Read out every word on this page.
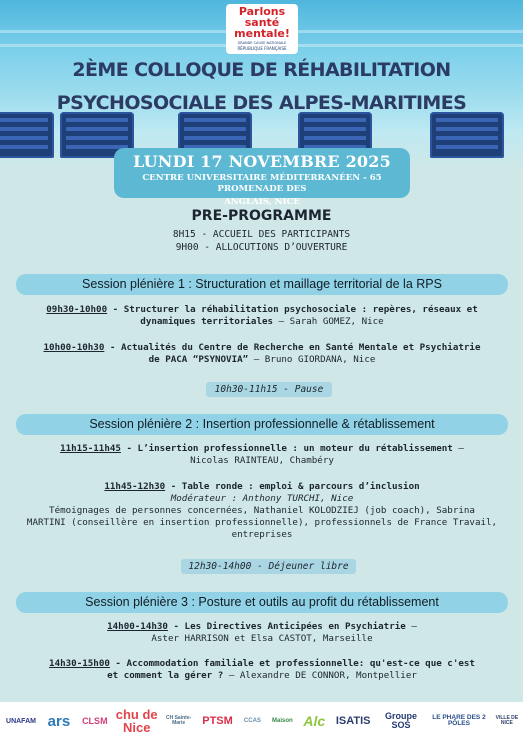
Parlons
santé
mentale!
GRANDE CAUSE NATIONALE
RÉPUBLIQUE FRANÇAISE
2ÈME COLLOQUE DE RÉHABILITATION
PSYCHOSOCIALE DES ALPES-MARITIMES
LUNDI 17 NOVEMBRE 2025
CENTRE UNIVERSITAIRE MÉDITERRANÉEN - 65 PROMENADE DES
ANGLAIS, NICE
PRE-PROGRAMME
8H15 - ACCUEIL DES PARTICIPANTS
9H00 - ALLOCUTIONS D’OUVERTURE
Session plénière 1 : Structuration et maillage territorial de la RPS
09h30-10h00 - Structurer la réhabilitation psychosociale : repères, réseaux et
dynamiques territoriales – Sarah GOMEZ, Nice
10h00-10h30 - Actualités du Centre de Recherche en Santé Mentale et Psychiatrie
de PACA “PSYNOVIA” – Bruno GIORDANA, Nice
10h30-11h15 - Pause
Session plénière 2 : Insertion professionnelle & rétablissement
11h15-11h45 - L’insertion professionnelle : un moteur du rétablissement –
Nicolas RAINTEAU, Chambéry
11h45-12h30 - Table ronde : emploi & parcours d’inclusion
Modérateur : Anthony TURCHI, Nice
Témoignages de personnes concernées, Nathaniel KOLODZIEJ (job coach), Sabrina
MARTINI (conseillère en insertion professionnelle), professionnels de France Travail,
entreprises
12h30-14h00 - Déjeuner libre
Session plénière 3 : Posture et outils au profit du rétablissement
14h00-14h30 - Les Directives Anticipées en Psychiatrie –
Aster HARRISON et Elsa CASTOT, Marseille
14h30-15h00 - Accommodation familiale et professionnelle: qu'est-ce que c'est
et comment la gérer ? – Alexandre DE CONNOR, Montpellier
UNAFAM ars	CLSM chu de Nice
CH Sainte-Marie	PTSM	CCAS	Maison Alc ISATIS	Groupe SOS
LE PHARE DES 2 PÔLES
VILLE DE NICE
